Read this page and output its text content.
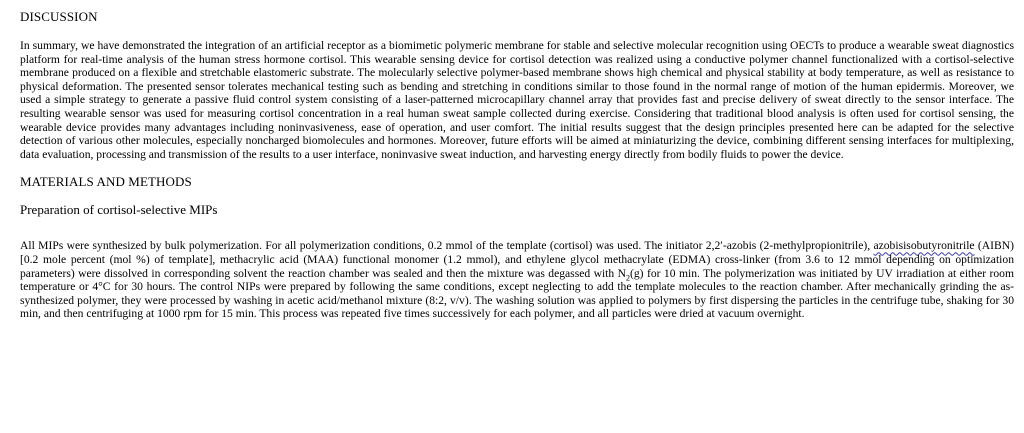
DISCUSSION

In summary, we have demonstrated the integration of an artificial receptor as a biomimetic polymeric membrane for stable and selective molecular recognition using OECTs to produce a wearable sweat diagnostics platform for real-time analysis of the human stress hormone cortisol. This wearable sensing device for cortisol detection was realized using a conductive polymer channel functionalized with a cortisol-selective membrane produced on a flexible and stretchable elastomeric substrate. The molecularly selective polymer-based membrane shows high chemical and physical stability at body temperature, as well as resistance to physical deformation. The presented sensor tolerates mechanical testing such as bending and stretching in conditions similar to those found in the normal range of motion of the human epidermis. Moreover, we used a simple strategy to generate a passive fluid control system consisting of a laser-patterned microcapillary channel array that provides fast and precise delivery of sweat directly to the sensor interface. The resulting wearable sensor was used for measuring cortisol concentration in a real human sweat sample collected during exercise. Considering that traditional blood analysis is often used for cortisol sensing, the wearable device provides many advantages including noninvasiveness, ease of operation, and user comfort. The initial results suggest that the design principles presented here can be adapted for the selective detection of various other molecules, especially noncharged biomolecules and hormones. Moreover, future efforts will be aimed at miniaturizing the device, combining different sensing interfaces for multiplexing, data evaluation, processing and transmission of the results to a user interface, noninvasive sweat induction, and harvesting energy directly from bodily fluids to power the device.

MATERIALS AND METHODS
Preparation of cortisol-selective MIPs

All MIPs were synthesized by bulk polymerization. For all polymerization conditions, 0.2 mmol of the template (cortisol) was used. The initiator 2,2′-azobis (2-methylpropionitrile), azobisisobutyronitrile (AIBN) [0.2 mole percent (mol %) of template], methacrylic acid (MAA) functional monomer (1.2 mmol), and ethylene glycol methacrylate (EDMA) cross-linker (from 3.6 to 12 mmol depending on optimization parameters) were dissolved in corresponding solvent the reaction chamber was sealed and then the mixture was degassed with $N_2(g)$ for 10 min. The polymerization was initiated by UV irradiation at either room temperature or 4°C for 30 hours. The control NIPs were prepared by following the same conditions, except neglecting to add the template molecules to the reaction chamber. After mechanically grinding the as-synthesized polymer, they were processed by washing in acetic acid/methanol mixture (8:2, v/v). The washing solution was applied to polymers by first dispersing the particles in the centrifuge tube, shaking for 30 min, and then centrifuging at 1000 rpm for 15 min. This process was repeated five times successively for each polymer, and all particles were dried at vacuum overnight.
